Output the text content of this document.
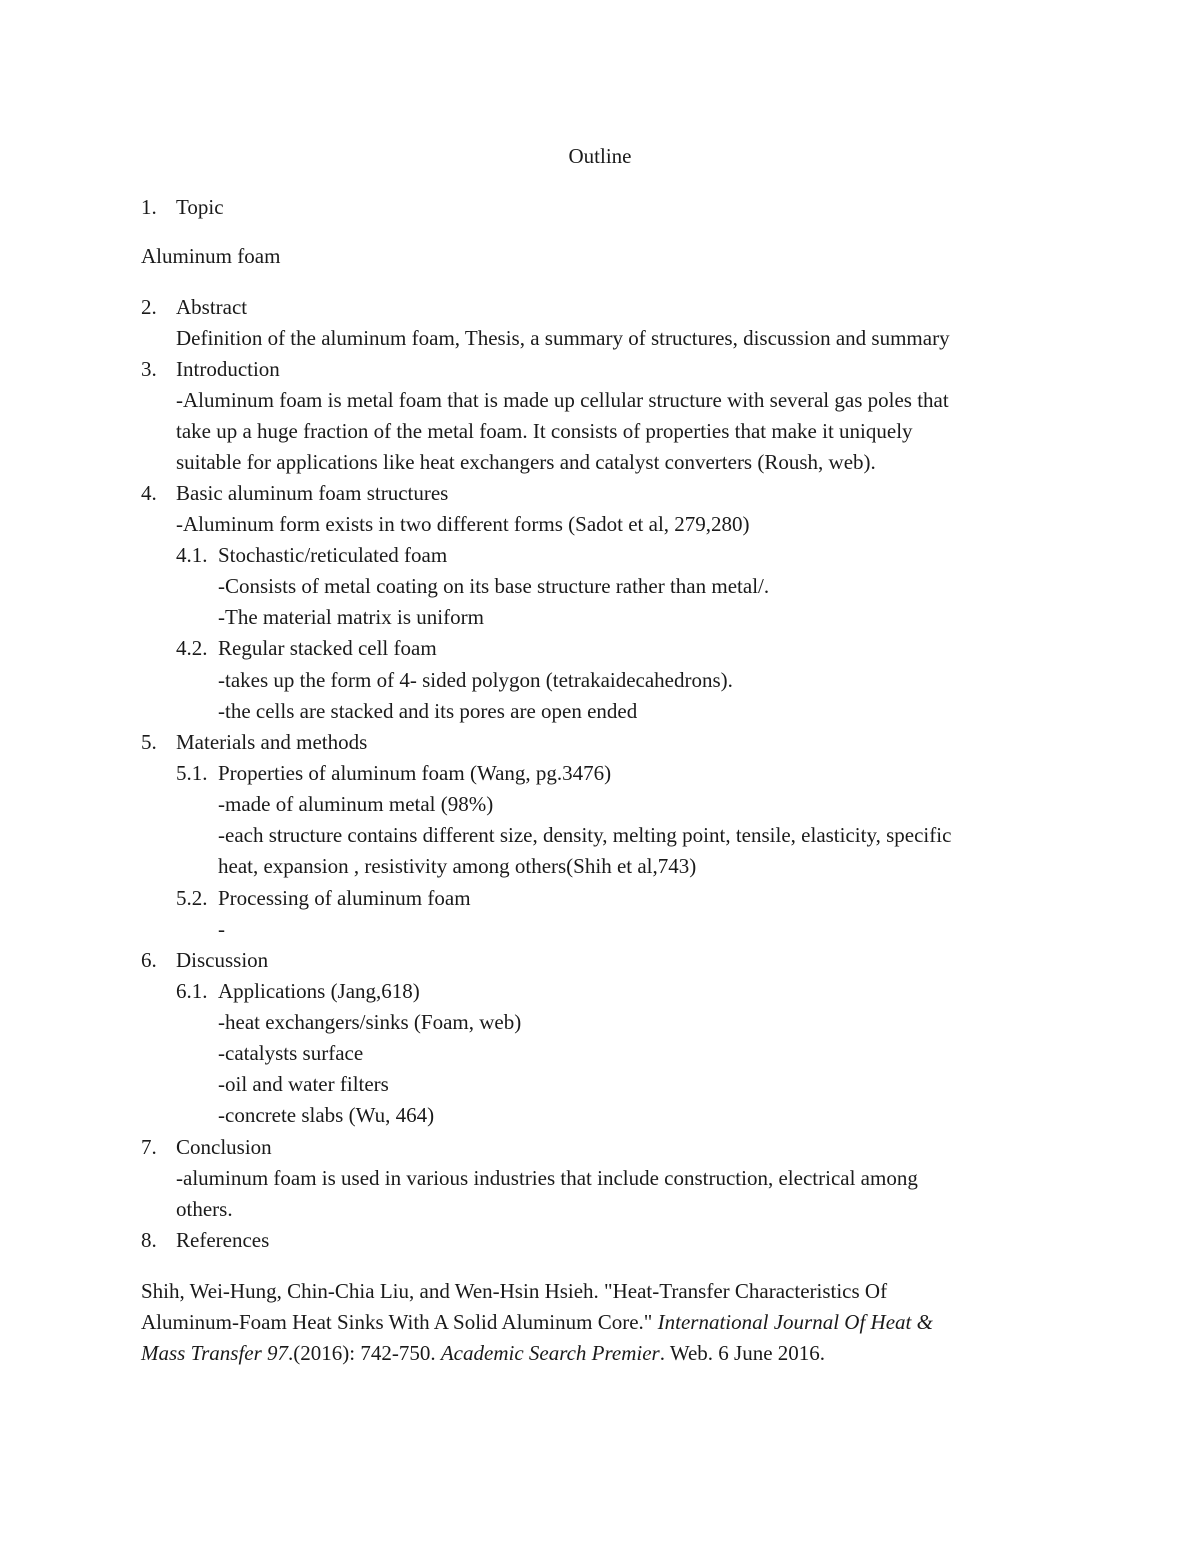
Outline
1. Topic
Aluminum foam
2. Abstract
Definition of the aluminum foam, Thesis, a summary of structures, discussion and summary
3. Introduction
-Aluminum foam is metal foam that is made up cellular structure with several gas poles that
take up a huge fraction of the metal foam. It consists of properties that make it uniquely
suitable for applications like heat exchangers and catalyst converters (Roush, web).
4. Basic aluminum foam structures
-Aluminum form exists in two different forms (Sadot et al, 279,280)
4.1. Stochastic/reticulated foam
-Consists of metal coating on its base structure rather than metal/.
-The material matrix is uniform
4.2. Regular stacked cell foam
-takes up the form of 4- sided polygon (tetrakaidecahedrons).
-the cells are stacked and its pores are open ended
5. Materials and methods
5.1. Properties of aluminum foam (Wang, pg.3476)
-made of aluminum metal (98%)
-each structure contains different size, density, melting point, tensile, elasticity, specific
heat, expansion , resistivity among others(Shih et al,743)
5.2. Processing of aluminum foam
-
6. Discussion
6.1. Applications (Jang,618)
-heat exchangers/sinks (Foam, web)
-catalysts surface
-oil and water filters
-concrete slabs (Wu, 464)
7. Conclusion
-aluminum foam is used in various industries that include construction, electrical among
others.
8. References
Shih, Wei-Hung, Chin-Chia Liu, and Wen-Hsin Hsieh. "Heat-Transfer Characteristics Of
Aluminum-Foam Heat Sinks With A Solid Aluminum Core." International Journal Of Heat &
Mass Transfer 97.(2016): 742-750. Academic Search Premier. Web. 6 June 2016.
